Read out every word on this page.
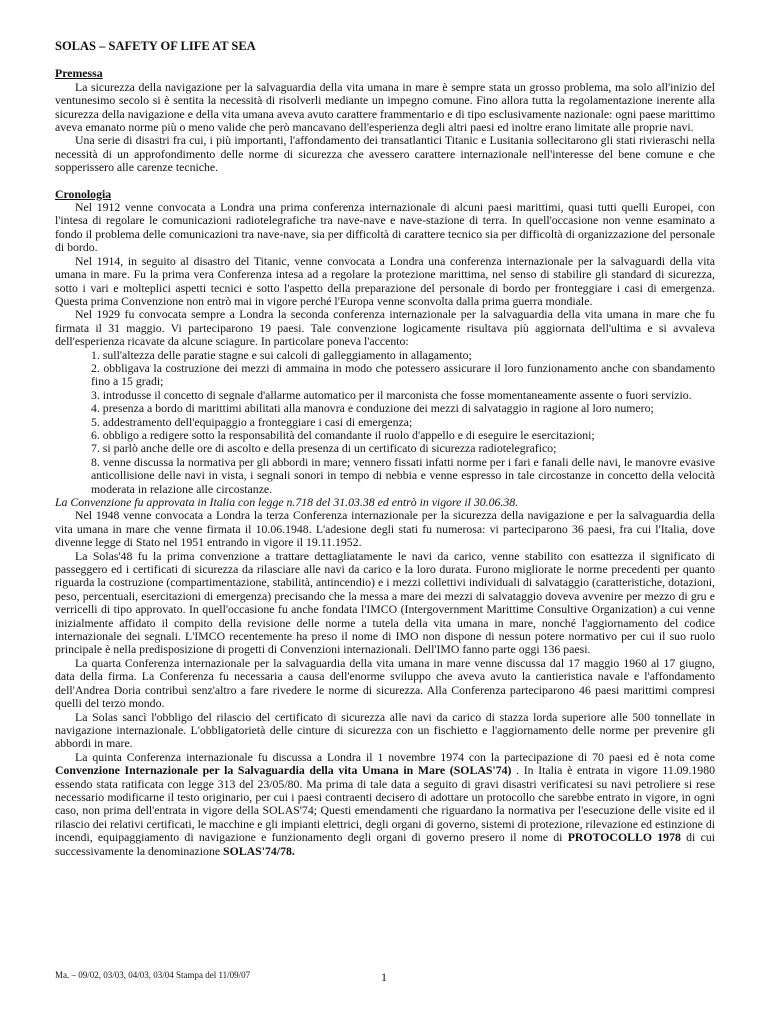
SOLAS – SAFETY OF LIFE AT SEA
Premessa

La sicurezza della navigazione per la salvaguardia della vita umana in mare è sempre stata un grosso problema, ma solo all'inizio del ventunesimo secolo si è sentita la necessità di risolverli mediante un impegno comune. Fino allora tutta la regolamentazione inerente alla sicurezza della navigazione e della vita umana aveva avuto carattere frammentario e di tipo esclusivamente nazionale: ogni paese marittimo aveva emanato norme più o meno valide che però mancavano dell'esperienza degli altri paesi ed inoltre erano limitate alle proprie navi.

Una serie di disastri fra cui, i più importanti, l'affondamento dei transatlantici Titanic e Lusitania sollecitarono gli stati rivieraschi nella necessità di un approfondimento delle norme di sicurezza che avessero carattere internazionale nell'interesse del bene comune e che sopperissero alle carenze tecniche.

Cronologia

Nel 1912 venne convocata a Londra una prima conferenza internazionale di alcuni paesi marittimi, quasi tutti quelli Europei, con l'intesa di regolare le comunicazioni radiotelegrafiche tra nave-nave e nave-stazione di terra. In quell'occasione non venne esaminato a fondo il problema delle comunicazioni tra nave-nave, sia per difficoltà di carattere tecnico sia per difficoltà di organizzazione del personale di bordo.

Nel 1914, in seguito al disastro del Titanic, venne convocata a Londra una conferenza internazionale per la salvaguardi della vita umana in mare. Fu la prima vera Conferenza intesa ad a regolare la protezione marittima, nel senso di stabilire gli standard di sicurezza, sotto i vari e molteplici aspetti tecnici e sotto l'aspetto della preparazione del personale di bordo per fronteggiare i casi di emergenza. Questa prima Convenzione non entrò mai in vigore perché l'Europa venne sconvolta dalla prima guerra mondiale.

Nel 1929 fu convocata sempre a Londra la seconda conferenza internazionale per la salvaguardia della vita umana in mare che fu firmata il 31 maggio. Vi parteciparono 19 paesi. Tale convenzione logicamente risultava più aggiornata dell'ultima e si avvaleva dell'esperienza ricavate da alcune sciagure. In particolare poneva l'accento:

1. sull'altezza delle paratie stagne e sui calcoli di galleggiamento in allagamento;
2. obbligava la costruzione dei mezzi di ammaina in modo che potessero assicurare il loro funzionamento anche con sbandamento fino a 15 gradi;
3. introdusse il concetto di segnale d'allarme automatico per il marconista che fosse momentaneamente assente o fuori servizio.
4. presenza a bordo di marittimi abilitati alla manovra e conduzione dei mezzi di salvataggio in ragione al loro numero;
5. addestramento dell'equipaggio a fronteggiare i casi di emergenza;
6. obbligo a redigere sotto la responsabilità del comandante il ruolo d'appello e di eseguire le esercitazioni;
7. si parlò anche delle ore di ascolto e della presenza di un certificato di sicurezza radiotelegrafico;
8. venne discussa la normativa per gli abbordi in mare; vennero fissati infatti norme per i fari e fanali delle navi, le manovre evasive anticollisione delle navi in vista, i segnali sonori in tempo di nebbia e venne espresso in tale circostanze in concetto della velocità moderata in relazione alle circostanze.

La Convenzione fu approvata in Italia con legge n.718 del 31.03.38 ed entrò in vigore il 30.06.38.

Nel 1948 venne convocata a Londra la terza Conferenza internazionale per la sicurezza della navigazione e per la salvaguardia della vita umana in mare che venne firmata il 10.06.1948. L'adesione degli stati fu numerosa: vi parteciparono 36 paesi, fra cui l'Italia, dove divenne legge di Stato nel 1951 entrando in vigore il 19.11.1952.

La Solas'48 fu la prima convenzione a trattare dettagliatamente le navi da carico, venne stabilito con esattezza il significato di passeggero ed i certificati di sicurezza da rilasciare alle navi da carico e la loro durata. Furono migliorate le norme precedenti per quanto riguarda la costruzione (compartimentazione, stabilità, antincendio) e i mezzi collettivi individuali di salvataggio (caratteristiche, dotazioni, peso, percentuali, esercitazioni di emergenza) precisando che la messa a mare dei mezzi di salvataggio doveva avvenire per mezzo di gru e verricelli di tipo approvato. In quell'occasione fu anche fondata l'IMCO (Intergovernment Marittime Consultive Organization) a cui venne inizialmente affidato il compito della revisione delle norme a tutela della vita umana in mare, nonché l'aggiornamento del codice internazionale dei segnali. L'IMCO recentemente ha preso il nome di IMO non dispone di nessun potere normativo per cui il suo ruolo principale è nella predisposizione di progetti di Convenzioni internazionali. Dell'IMO fanno parte oggi 136 paesi.

La quarta Conferenza internazionale per la salvaguardia della vita umana in mare venne discussa dal 17 maggio 1960 al 17 giugno, data della firma. La Conferenza fu necessaria a causa dell'enorme sviluppo che aveva avuto la cantieristica navale e l'affondamento dell'Andrea Doria contribuì senz'altro a fare rivedere le norme di sicurezza. Alla Conferenza parteciparono 46 paesi marittimi compresi quelli del terzo mondo.

La Solas sancì l'obbligo del rilascio del certificato di sicurezza alle navi da carico di stazza lorda superiore alle 500 tonnellate in navigazione internazionale. L'obbligatorietà delle cinture di sicurezza con un fischietto e l'aggiornamento delle norme per prevenire gli abbordi in mare.

La quinta Conferenza internazionale fu discussa a Londra il 1 novembre 1974 con la partecipazione di 70 paesi ed è nota come Convenzione Internazionale per la Salvaguardia della vita Umana in Mare (SOLAS'74) . In Italia è entrata in vigore 11.09.1980 essendo stata ratificata con legge 313 del 23/05/80. Ma prima di tale data a seguito di gravi disastri verificatesi su navi petroliere si rese necessario modificarne il testo originario, per cui i paesi contraenti decisero di adottare un protocollo che sarebbe entrato in vigore, in ogni caso, non prima dell'entrata in vigore della SOLAS'74; Questi emendamenti che riguardano la normativa per l'esecuzione delle visite ed il rilascio dei relativi certificati, le macchine e gli impianti elettrici, degli organi di governo, sistemi di protezione, rilevazione ed estinzione di incendi, equipaggiamento di navigazione e funzionamento degli organi di governo presero il nome di PROTOCOLLO 1978 di cui successivamente la denominazione SOLAS'74/78.

Ma. – 09/02, 03/03, 04/03, 03/04 Stampa del 11/09/07	1
